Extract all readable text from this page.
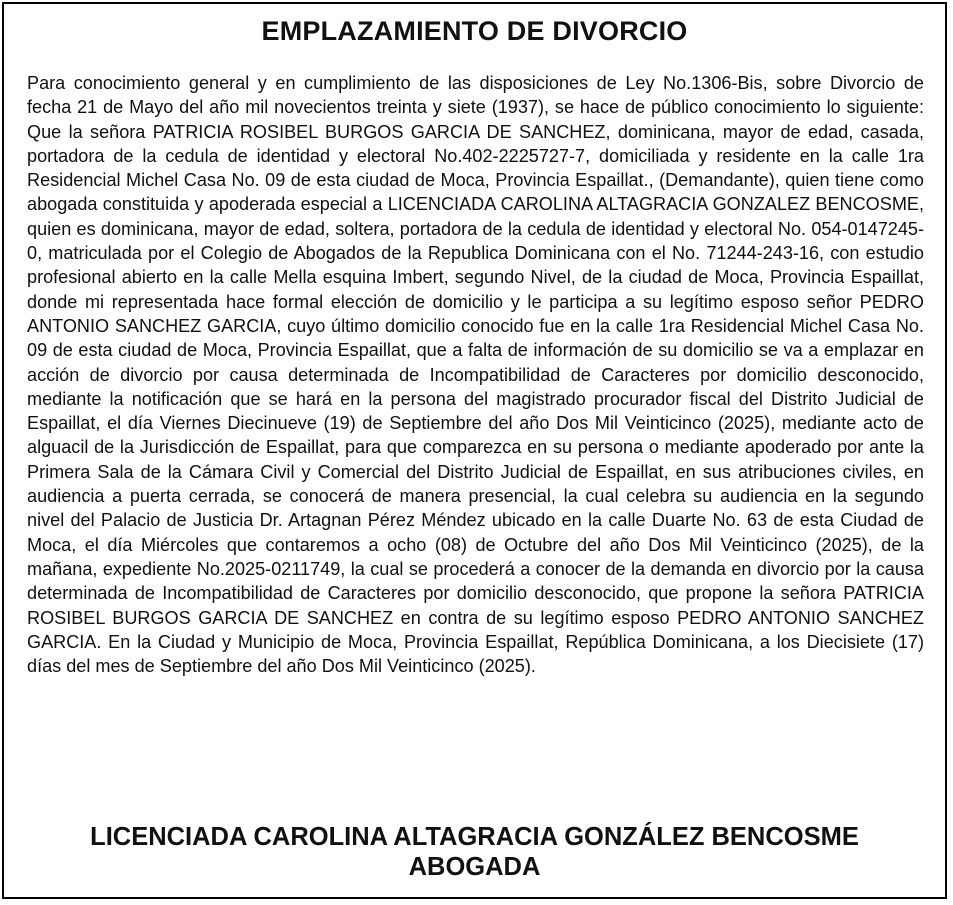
EMPLAZAMIENTO DE DIVORCIO

Para conocimiento general y en cumplimiento de las disposiciones de Ley No.1306-Bis, sobre Divorcio de fecha 21 de Mayo del año mil novecientos treinta y siete (1937), se hace de público conocimiento lo siguiente: Que la señora PATRICIA ROSIBEL BURGOS GARCIA DE SANCHEZ, dominicana, mayor de edad, casada, portadora de la cedula de identidad y electoral No.402-2225727-7, domiciliada y residente en la calle 1ra Residencial Michel Casa No. 09 de esta ciudad de Moca, Provincia Espaillat., (Demandante), quien tiene como abogada constituida y apoderada especial a LICENCIADA CAROLINA ALTAGRACIA GONZALEZ BENCOSME, quien es dominicana, mayor de edad, soltera, portadora de la cedula de identidad y electoral No. 054-0147245-0, matriculada por el Colegio de Abogados de la Republica Dominicana con el No. 71244-243-16, con estudio profesional abierto en la calle Mella esquina Imbert, segundo Nivel, de la ciudad de Moca, Provincia Espaillat, donde mi representada hace formal elección de domicilio y le participa a su legítimo esposo señor PEDRO ANTONIO SANCHEZ GARCIA, cuyo último domicilio conocido fue en la calle 1ra Residencial Michel Casa No. 09 de esta ciudad de Moca, Provincia Espaillat, que a falta de información de su domicilio se va a emplazar en acción de divorcio por causa determinada de Incompatibilidad de Caracteres por domicilio desconocido, mediante la notificación que se hará en la persona del magistrado procurador fiscal del Distrito Judicial de Espaillat, el día Viernes Diecinueve (19) de Septiembre del año Dos Mil Veinticinco (2025), mediante acto de alguacil de la Jurisdicción de Espaillat, para que comparezca en su persona o mediante apoderado por ante la Primera Sala de la Cámara Civil y Comercial del Distrito Judicial de Espaillat, en sus atribuciones civiles, en audiencia a puerta cerrada, se conocerá de manera presencial, la cual celebra su audiencia en la segundo nivel del Palacio de Justicia Dr. Artagnan Pérez Méndez ubicado en la calle Duarte No. 63 de esta Ciudad de Moca, el día Miércoles que contaremos a ocho (08) de Octubre del año Dos Mil Veinticinco (2025), de la mañana, expediente No.2025-0211749, la cual se procederá a conocer de la demanda en divorcio por la causa determinada de Incompatibilidad de Caracteres por domicilio desconocido, que propone la señora PATRICIA ROSIBEL BURGOS GARCIA DE SANCHEZ en contra de su legítimo esposo PEDRO ANTONIO SANCHEZ GARCIA. En la Ciudad y Municipio de Moca, Provincia Espaillat, República Dominicana, a los Diecisiete (17) días del mes de Septiembre del año Dos Mil Veinticinco (2025).

LICENCIADA CAROLINA ALTAGRACIA GONZÁLEZ BENCOSME
ABOGADA
